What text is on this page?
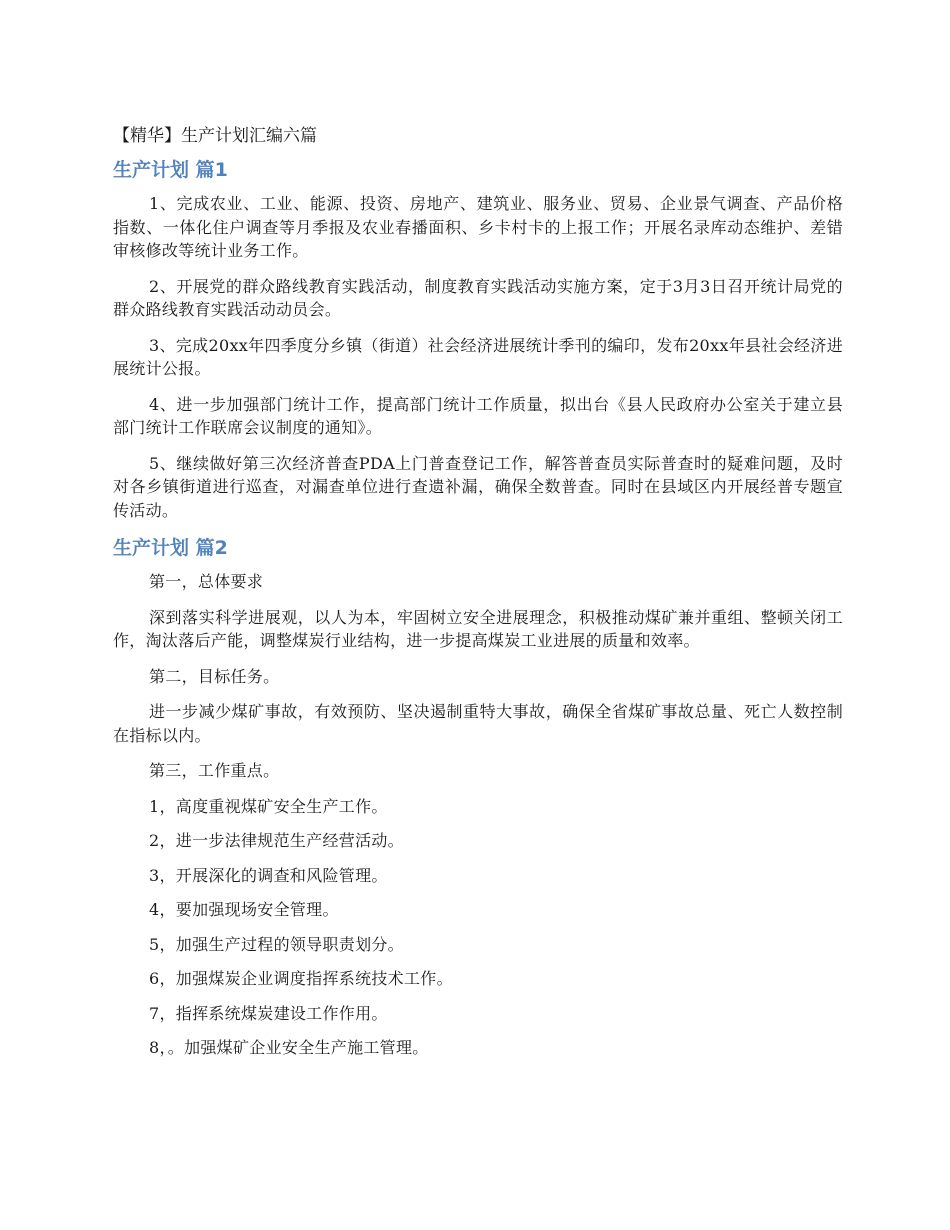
【精华】生产计划汇编六篇
生产计划 篇1

1、完成农业、工业、能源、投资、房地产、建筑业、服务业、贸易、企业景气调查、产品价格指数、一体化住户调查等月季报及农业春播面积、乡卡村卡的上报工作；开展名录库动态维护、差错审核修改等统计业务工作。

2、开展党的群众路线教育实践活动，制度教育实践活动实施方案，定于3月3日召开统计局党的群众路线教育实践活动动员会。

3、完成20xx年四季度分乡镇（街道）社会经济进展统计季刊的编印，发布20xx年县社会经济进展统计公报。

4、进一步加强部门统计工作，提高部门统计工作质量，拟出台《县人民政府办公室关于建立县部门统计工作联席会议制度的通知》。

5、继续做好第三次经济普查PDA上门普查登记工作，解答普查员实际普查时的疑难问题，及时对各乡镇街道进行巡查，对漏查单位进行查遗补漏，确保全数普查。同时在县域区内开展经普专题宣传活动。

生产计划 篇2

第一，总体要求

深到落实科学进展观，以人为本，牢固树立安全进展理念，积极推动煤矿兼并重组、整顿关闭工作，淘汰落后产能，调整煤炭行业结构，进一步提高煤炭工业进展的质量和效率。

第二，目标任务。

进一步减少煤矿事故，有效预防、坚决遏制重特大事故，确保全省煤矿事故总量、死亡人数控制在指标以内。

第三，工作重点。

1，高度重视煤矿安全生产工作。

2，进一步法律规范生产经营活动。

3，开展深化的调查和风险管理。

4，要加强现场安全管理。

5，加强生产过程的领导职责划分。

6，加强煤炭企业调度指挥系统技术工作。

7，指挥系统煤炭建设工作作用。

8，。加强煤矿企业安全生产施工管理。
